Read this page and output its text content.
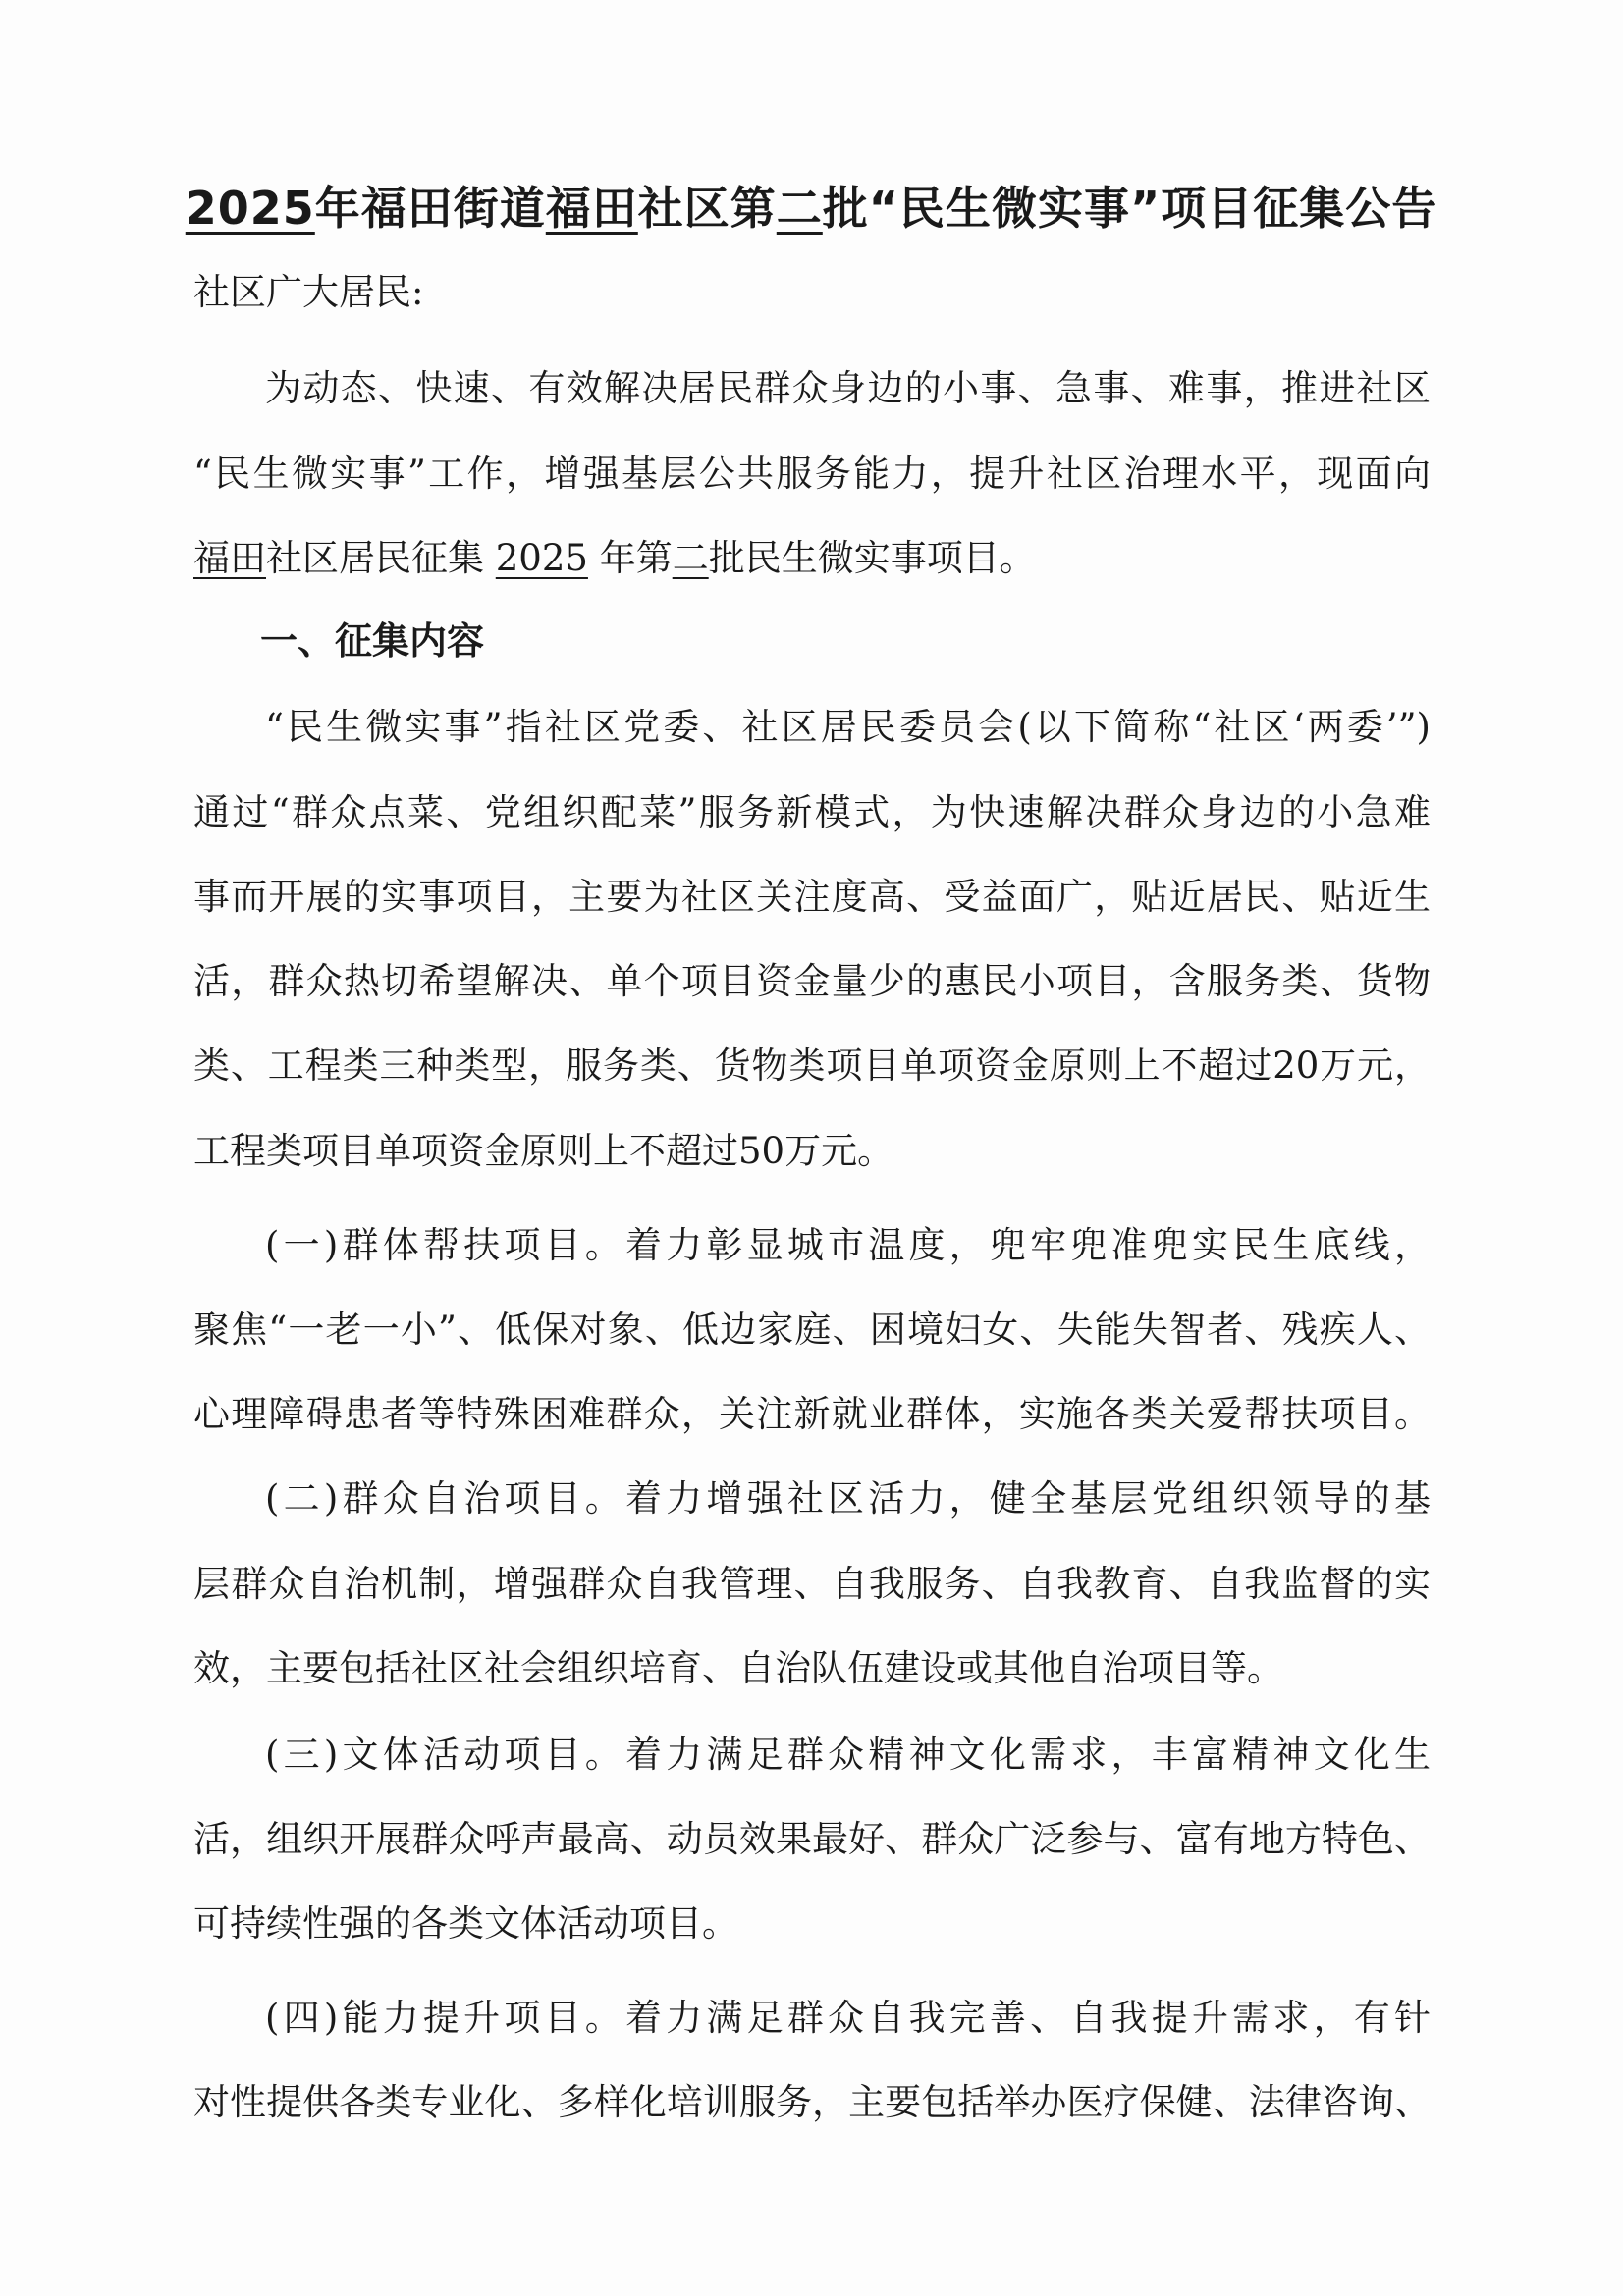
2025年福田街道福田社区第二批“民生微实事”项目征集公告
社区广大居民:
为动态、快速、有效解决居民群众身边的小事、急事、难事，推进社区
“民生微实事”工作，增强基层公共服务能力，提升社区治理水平，现面向
福田社区居民征集 2025 年第二批民生微实事项目。
一、征集内容
“民生微实事”指社区党委、社区居民委员会(以下简称“社区‘两委’”)
通过“群众点菜、党组织配菜”服务新模式，为快速解决群众身边的小急难
事而开展的实事项目，主要为社区关注度高、受益面广，贴近居民、贴近生
活，群众热切希望解决、单个项目资金量少的惠民小项目，含服务类、货物
类、工程类三种类型，服务类、货物类项目单项资金原则上不超过20万元，
工程类项目单项资金原则上不超过50万元。
(一)群体帮扶项目。着力彰显城市温度，兜牢兜准兜实民生底线，
聚焦“一老一小”、低保对象、低边家庭、困境妇女、失能失智者、残疾人、
心理障碍患者等特殊困难群众，关注新就业群体，实施各类关爱帮扶项目。
(二)群众自治项目。着力增强社区活力，健全基层党组织领导的基
层群众自治机制，增强群众自我管理、自我服务、自我教育、自我监督的实
效，主要包括社区社会组织培育、自治队伍建设或其他自治项目等。
(三)文体活动项目。着力满足群众精神文化需求，丰富精神文化生
活，组织开展群众呼声最高、动员效果最好、群众广泛参与、富有地方特色、
可持续性强的各类文体活动项目。
(四)能力提升项目。着力满足群众自我完善、自我提升需求，有针
对性提供各类专业化、多样化培训服务，主要包括举办医疗保健、法律咨询、
